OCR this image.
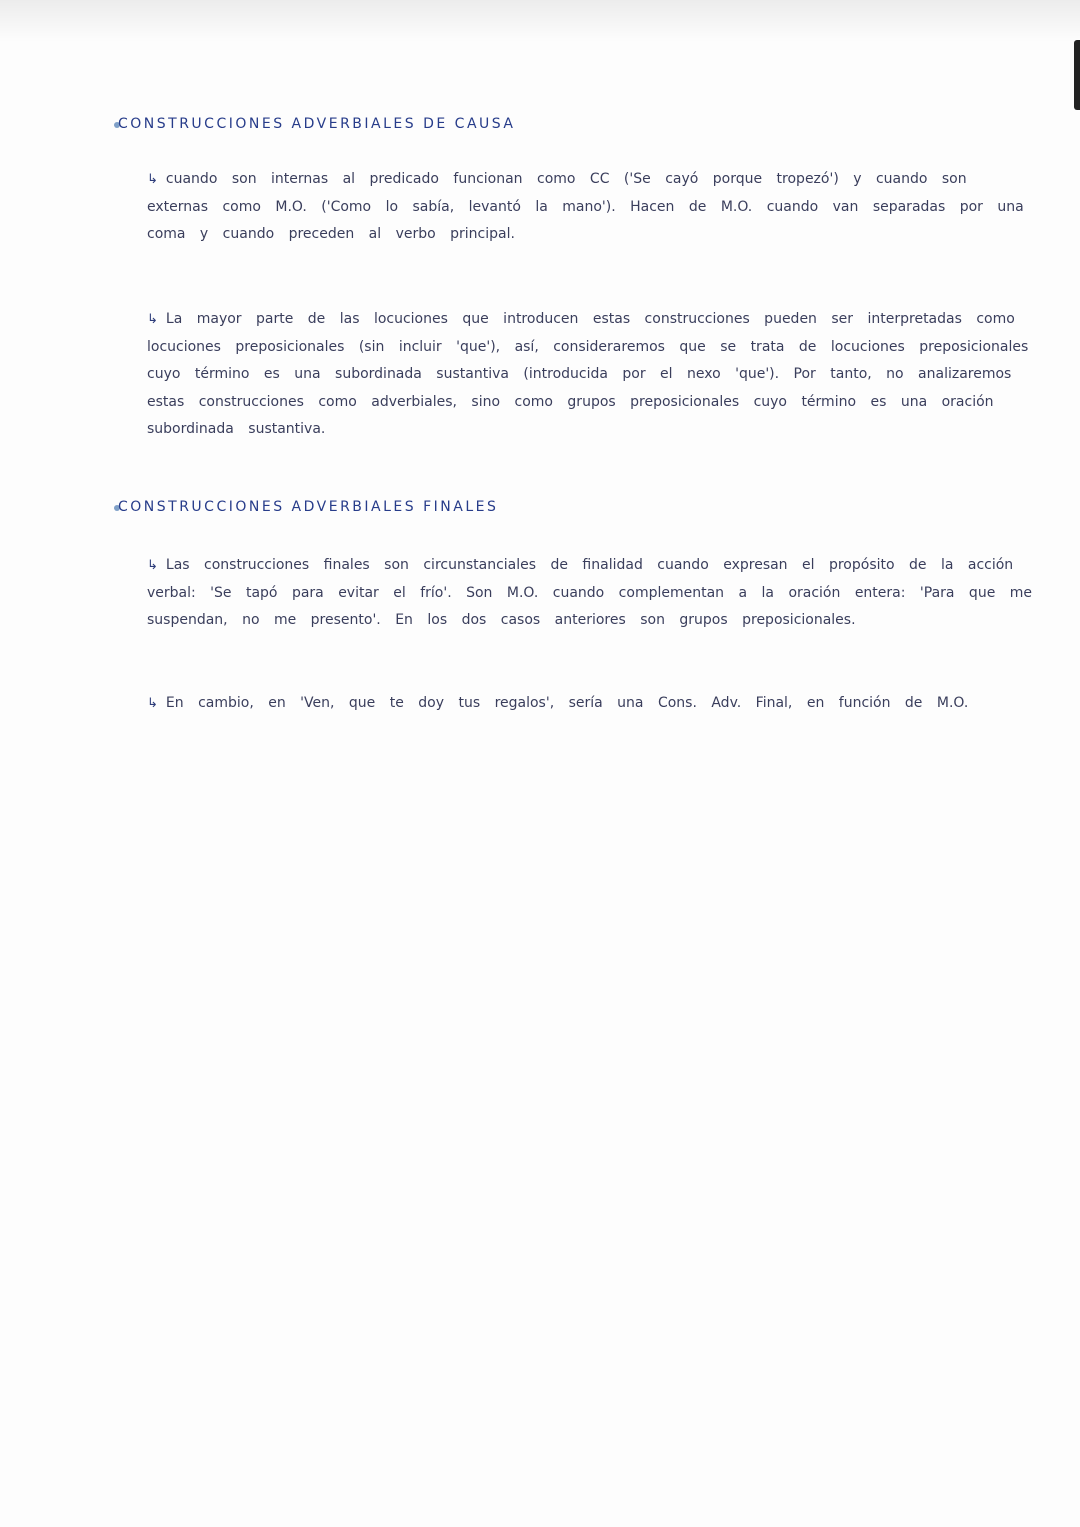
CONSTRUCCIONES ADVERBIALES DE CAUSA
↳ cuando son internas al predicado funcionan como CC ('Se cayó porque tropezó') y cuando son externas como M.O. ('Como lo sabía, levantó la mano'). Hacen de M.O. cuando van separadas por una coma y cuando preceden al verbo principal.
↳ La mayor parte de las locuciones que introducen estas construcciones pueden ser interpretadas como locuciones preposicionales (sin incluir 'que'), así, consideraremos que se trata de locuciones preposicionales cuyo término es una subordinada sustantiva (introducida por el nexo 'que'). Por tanto, no analizaremos estas construcciones como adverbiales, sino como grupos preposicionales cuyo término es una oración subordinada sustantiva.
CONSTRUCCIONES ADVERBIALES FINALES
↳ Las construcciones finales son circunstanciales de finalidad cuando expresan el propósito de la acción verbal: 'Se tapó para evitar el frío'. Son M.O. cuando complementan a la oración entera: 'Para que me suspendan, no me presento'. En los dos casos anteriores son grupos preposicionales.
↳ En cambio, en 'Ven, que te doy tus regalos', sería una Cons. Adv. Final, en función de M.O.
